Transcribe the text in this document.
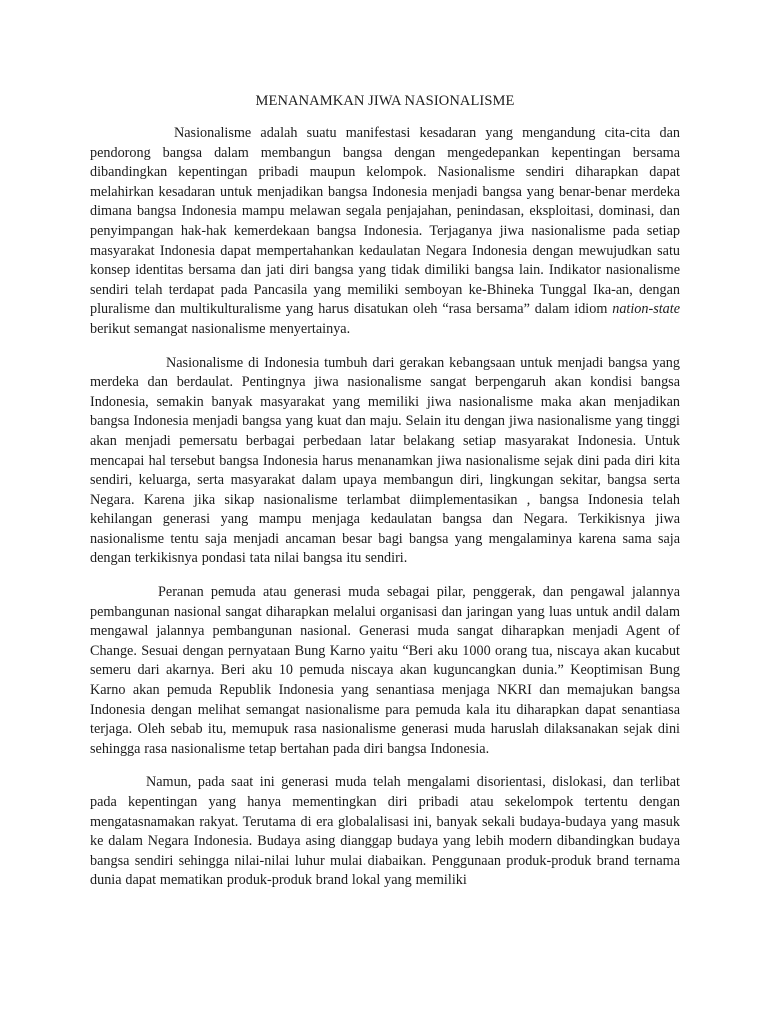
MENANAMKAN JIWA NASIONALISME

Nasionalisme adalah suatu manifestasi kesadaran yang mengandung cita-cita dan pendorong bangsa dalam membangun bangsa dengan mengedepankan kepentingan bersama dibandingkan kepentingan pribadi maupun kelompok. Nasionalisme sendiri diharapkan dapat melahirkan kesadaran untuk menjadikan bangsa Indonesia menjadi bangsa yang benar-benar merdeka dimana bangsa Indonesia mampu melawan segala penjajahan, penindasan, eksploitasi, dominasi, dan penyimpangan hak-hak kemerdekaan bangsa Indonesia. Terjaganya jiwa nasionalisme pada setiap masyarakat Indonesia dapat mempertahankan kedaulatan Negara Indonesia dengan mewujudkan satu konsep identitas bersama dan jati diri bangsa yang tidak dimiliki bangsa lain. Indikator nasionalisme sendiri telah terdapat pada Pancasila yang memiliki semboyan ke-Bhineka Tunggal Ika-an, dengan pluralisme dan multikulturalisme yang harus disatukan oleh “rasa bersama” dalam idiom nation-state berikut semangat nasionalisme menyertainya.

Nasionalisme di Indonesia tumbuh dari gerakan kebangsaan untuk menjadi bangsa yang merdeka dan berdaulat. Pentingnya jiwa nasionalisme sangat berpengaruh akan kondisi bangsa Indonesia, semakin banyak masyarakat yang memiliki jiwa nasionalisme maka akan menjadikan bangsa Indonesia menjadi bangsa yang kuat dan maju. Selain itu dengan jiwa nasionalisme yang tinggi akan menjadi pemersatu berbagai perbedaan latar belakang setiap masyarakat Indonesia. Untuk mencapai hal tersebut bangsa Indonesia harus menanamkan jiwa nasionalisme sejak dini pada diri kita sendiri, keluarga, serta masyarakat dalam upaya membangun diri, lingkungan sekitar, bangsa serta Negara. Karena jika sikap nasionalisme terlambat diimplementasikan , bangsa Indonesia telah kehilangan generasi yang mampu menjaga kedaulatan bangsa dan Negara. Terkikisnya jiwa nasionalisme tentu saja menjadi ancaman besar bagi bangsa yang mengalaminya karena sama saja dengan terkikisnya pondasi tata nilai bangsa itu sendiri.

Peranan pemuda atau generasi muda sebagai pilar, penggerak, dan pengawal jalannya pembangunan nasional sangat diharapkan melalui organisasi dan jaringan yang luas untuk andil dalam mengawal jalannya pembangunan nasional. Generasi muda sangat diharapkan menjadi Agent of Change. Sesuai dengan pernyataan Bung Karno yaitu “Beri aku 1000 orang tua, niscaya akan kucabut semeru dari akarnya. Beri aku 10 pemuda niscaya akan kuguncangkan dunia.” Keoptimisan Bung Karno akan pemuda Republik Indonesia yang senantiasa menjaga NKRI dan memajukan bangsa Indonesia dengan melihat semangat nasionalisme para pemuda kala itu diharapkan dapat senantiasa terjaga. Oleh sebab itu, memupuk rasa nasionalisme generasi muda haruslah dilaksanakan sejak dini sehingga rasa nasionalisme tetap bertahan pada diri bangsa Indonesia.

Namun, pada saat ini generasi muda telah mengalami disorientasi, dislokasi, dan terlibat pada kepentingan yang hanya mementingkan diri pribadi atau sekelompok tertentu dengan mengatasnamakan rakyat. Terutama di era globalalisasi ini, banyak sekali budaya-budaya yang masuk ke dalam Negara Indonesia. Budaya asing dianggap budaya yang lebih modern dibandingkan budaya bangsa sendiri sehingga nilai-nilai luhur mulai diabaikan. Penggunaan produk-produk brand ternama dunia dapat mematikan produk-produk brand lokal yang memiliki
